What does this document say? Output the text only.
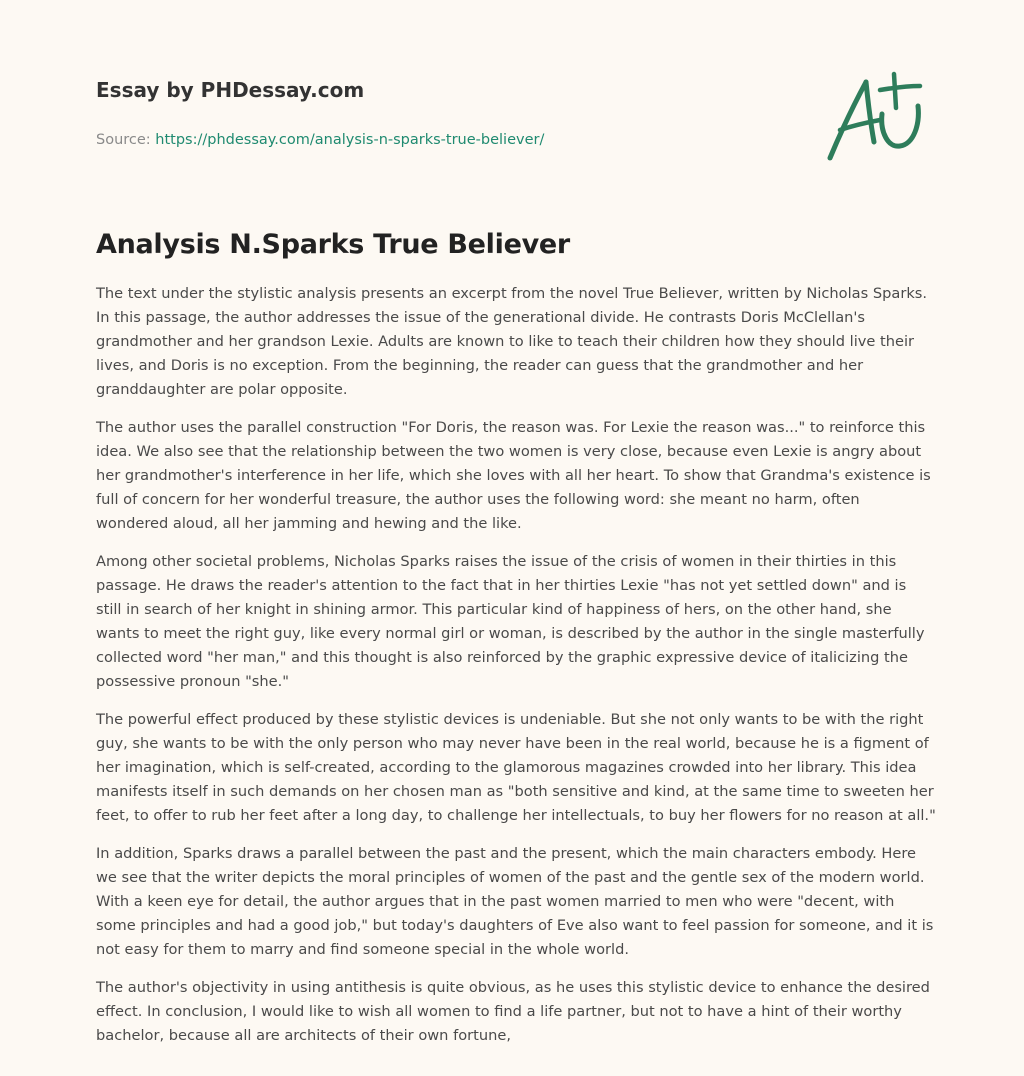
Essay by PHDessay.com
Source: https://phdessay.com/analysis-n-sparks-true-believer/
Analysis N.Sparks True Believer

The text under the stylistic analysis presents an excerpt from the novel True Believer, written by Nicholas Sparks. In this passage, the author addresses the issue of the generational divide. He contrasts Doris McClellan's grandmother and her grandson Lexie. Adults are known to like to teach their children how they should live their lives, and Doris is no exception. From the beginning, the reader can guess that the grandmother and her granddaughter are polar opposite.

The author uses the parallel construction "For Doris, the reason was. For Lexie the reason was..." to reinforce this idea. We also see that the relationship between the two women is very close, because even Lexie is angry about her grandmother's interference in her life, which she loves with all her heart. To show that Grandma's existence is full of concern for her wonderful treasure, the author uses the following word: she meant no harm, often wondered aloud, all her jamming and hewing and the like.

Among other societal problems, Nicholas Sparks raises the issue of the crisis of women in their thirties in this passage. He draws the reader's attention to the fact that in her thirties Lexie "has not yet settled down" and is still in search of her knight in shining armor. This particular kind of happiness of hers, on the other hand, she wants to meet the right guy, like every normal girl or woman, is described by the author in the single masterfully collected word "her man," and this thought is also reinforced by the graphic expressive device of italicizing the possessive pronoun "she."

The powerful effect produced by these stylistic devices is undeniable. But she not only wants to be with the right guy, she wants to be with the only person who may never have been in the real world, because he is a figment of her imagination, which is self-created, according to the glamorous magazines crowded into her library. This idea manifests itself in such demands on her chosen man as "both sensitive and kind, at the same time to sweeten her feet, to offer to rub her feet after a long day, to challenge her intellectuals, to buy her flowers for no reason at all."

In addition, Sparks draws a parallel between the past and the present, which the main characters embody. Here we see that the writer depicts the moral principles of women of the past and the gentle sex of the modern world. With a keen eye for detail, the author argues that in the past women married to men who were "decent, with some principles and had a good job," but today's daughters of Eve also want to feel passion for someone, and it is not easy for them to marry and find someone special in the whole world.

The author's objectivity in using antithesis is quite obvious, as he uses this stylistic device to enhance the desired effect. In conclusion, I would like to wish all women to find a life partner, but not to have a hint of their worthy bachelor, because all are architects of their own fortune,
